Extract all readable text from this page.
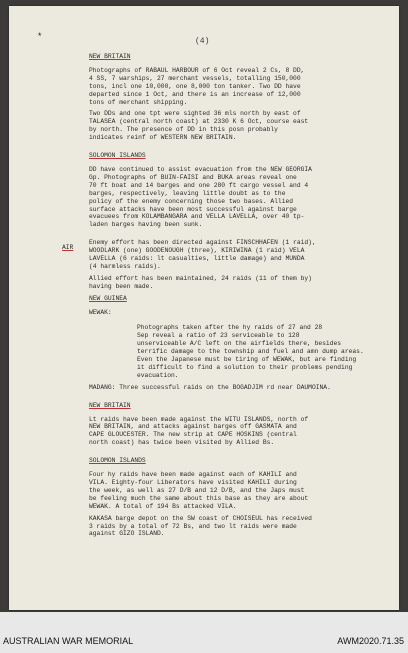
*	(4)
AIR
NEW BRITAIN
Photographs of RABAUL HARBOUR of 6 Oct reveal 2 Cs, 8 DD,
4 SS, 7 warships, 27 merchant vessels, totalling 150,000
tons, incl one 10,000, one 8,000 ton tanker. Two DD have
departed since 1 Oct, and there is an increase of 12,000
tons of merchant shipping.
Two DDs and one tpt were sighted 36 mls north by east of
TALASEA (central north coast) at 2330 K 6 Oct, course east
by north. The presence of DD in this posn probably
indicates reinf of WESTERN NEW BRITAIN.
SOLOMON ISLANDS
DD have continued to assist evacuation from the NEW GEORGIA
Gp. Photographs of BUIN-FAISI and BUKA areas reveal one
70 ft boat and 14 barges and one 280 ft cargo vessel and 4
barges, respectively, leaving little doubt as to the
policy of the enemy concerning those two bases. Allied
surface attacks have been most successful against barge
evacuees from KOLAMBANGARA and VELLA LAVELLA, over 40 tp-
laden barges having been sunk.
Enemy effort has been directed against FINSCHHAFEN (1 raid),
WOODLARK (one) GOODENOUGH (three), KIRIWINA (1 raid) VELA
LAVELLA (6 raids: lt casualties, little damage) and MUNDA
(4 harmless raids).
Allied effort has been maintained, 24 raids (11 of them by)
having been made.
NEW GUINEA

WEWAK:

Photographs taken after the hy raids of 27 and 28
Sep reveal a ratio of 23 serviceable to 128
unserviceable A/C left on the airfields there, besides
terrific damage to the township and fuel and amn dump areas.
Even the Japanese must be tiring of WEWAK, but are finding
it difficult to find a solution to their problems pending
evacuation.

MADANG: Three successful raids on the BOGADJIM rd near DAUMOINA.
NEW BRITAIN
Lt raids have been made against the WITU ISLANDS, north of
NEW BRITAIN, and attacks against barges off GASMATA and
CAPE GLOUCESTER. The new strip at CAPE HOSKINS (central
north coast) has twice been visited by Allied Bs.
SOLOMON ISLANDS
Four hy raids have been made against each of KAHILI and
VILA. Eighty-four Liberators have visited KAHILI during
the week, as well as 27 D/B and 12 D/B, and the Japs must
be feeling much the same about this base as they are about
WEWAK. A total of 194 Bs attacked VILA.
KAKASA barge depot on the SW coast of CHOISEUL has received
3 raids by a total of 72 Bs, and two lt raids were made
against GIZO ISLAND.
AUSTRALIAN WAR MEMORIAL	AWM2020.71.35
